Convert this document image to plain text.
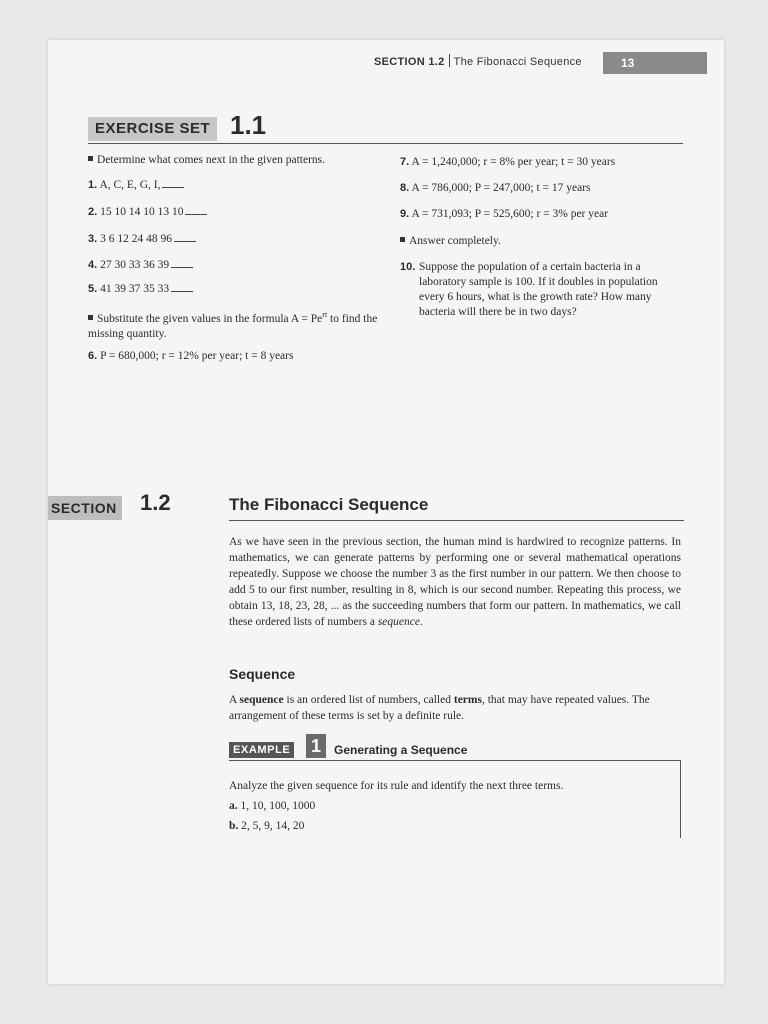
SECTION 1.2 The Fibonacci Sequence	13
EXERCISE SET 1.1
Determine what comes next in the given patterns.
1. A, C, E, G, I,
2. 15 10 14 10 13 10
3. 3 6 12 24 48 96
4. 27 30 33 36 39
5. 41 39 37 35 33
Substitute the given values in the formula $A = Pe^{rt}$ to find the missing quantity.
6. P = 680,000; r = 12% per year; t = 8 years
7. A = 1,240,000; r = 8% per year; t = 30 years
8. A = 786,000; P = 247,000; t = 17 years
9. A = 731,093; P = 525,600; r = 3% per year
Answer completely.
10. Suppose the population of a certain bacteria in a laboratory sample is 100. If it doubles in population every 6 hours, what is the growth rate? How many bacteria will there be in two days?
SECTION 1.2	The Fibonacci Sequence
As we have seen in the previous section, the human mind is hardwired to recognize patterns. In mathematics, we can generate patterns by performing one or several mathematical operations repeatedly. Suppose we choose the number 3 as the first number in our pattern. We then choose to add 5 to our first number, resulting in 8, which is our second number. Repeating this process, we obtain 13, 18, 23, 28, ... as the succeeding numbers that form our pattern. In mathematics, we call these ordered lists of numbers a sequence.
Sequence
A sequence is an ordered list of numbers, called terms, that may have repeated values. The arrangement of these terms is set by a definite rule.
EXAMPLE 1	Generating a Sequence
Analyze the given sequence for its rule and identify the next three terms.
a. 1, 10, 100, 1000
b. 2, 5, 9, 14, 20
